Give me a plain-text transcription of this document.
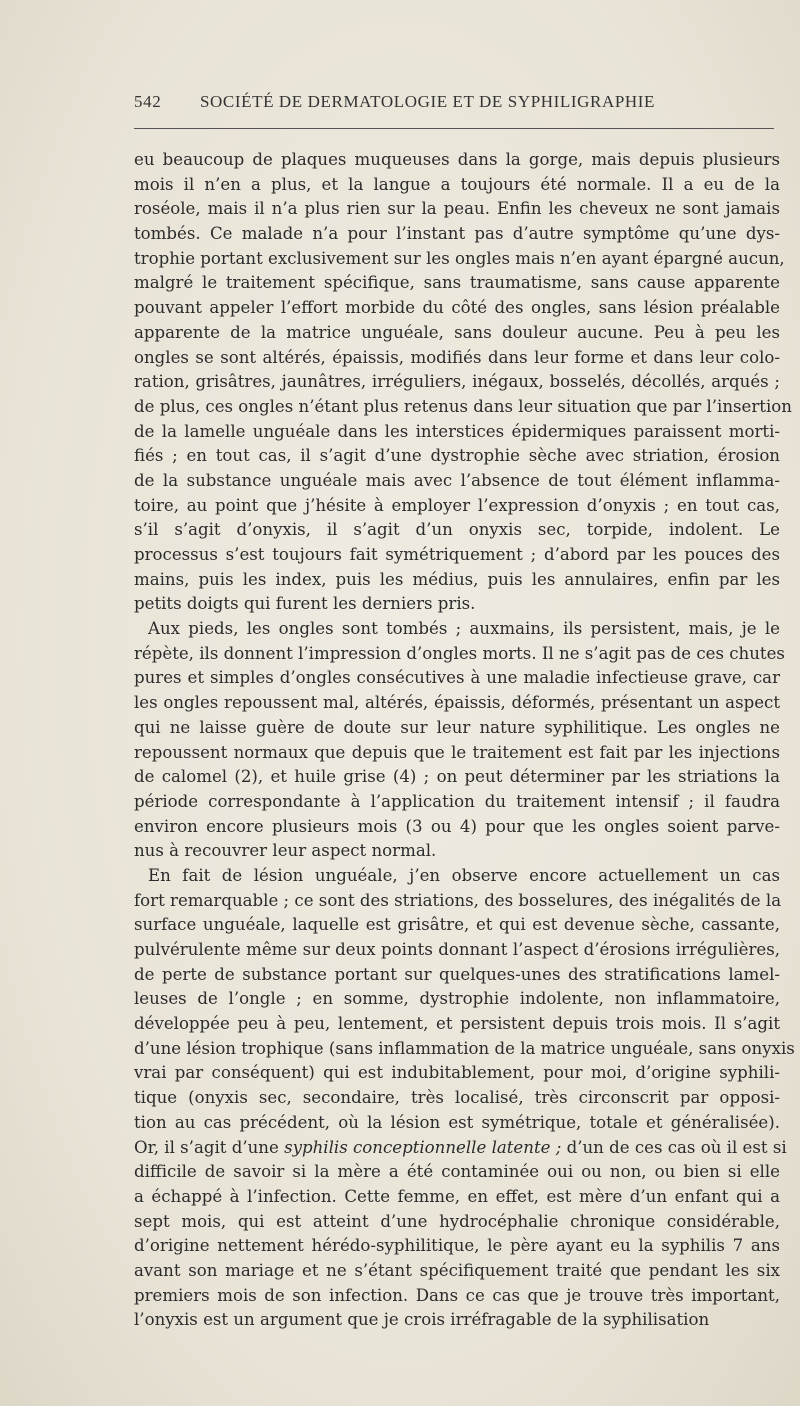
542 SOCIÉTÉ DE DERMATOLOGIE ET DE SYPHILIGRAPHIE

eu beaucoup de plaques muqueuses dans la gorge, mais depuis plusieurs
mois il n’en a plus, et la langue a toujours été normale. Il a eu de la
roséole, mais il n’a plus rien sur la peau. Enfin les cheveux ne sont jamais
tombés. Ce malade n’a pour l’instant pas d’autre symptôme qu’une dys-
trophie portant exclusivement sur les ongles mais n’en ayant épargné aucun,
malgré le traitement spécifique, sans traumatisme, sans cause apparente
pouvant appeler l’effort morbide du côté des ongles, sans lésion préalable
apparente de la matrice unguéale, sans douleur aucune. Peu à peu les
ongles se sont altérés, épaissis, modifiés dans leur forme et dans leur colo-
ration, grisâtres, jaunâtres, irréguliers, inégaux, bosselés, décollés, arqués ;
de plus, ces ongles n’étant plus retenus dans leur situation que par l’insertion
de la lamelle unguéale dans les interstices épidermiques paraissent morti-
fiés ; en tout cas, il s’agit d’une dystrophie sèche avec striation, érosion
de la substance unguéale mais avec l’absence de tout élément inflamma-
toire, au point que j’hésite à employer l’expression d’onyxis ; en tout cas,
s’il s’agit d’onyxis, il s’agit d’un onyxis sec, torpide, indolent. Le
processus s’est toujours fait symétriquement ; d’abord par les pouces des
mains, puis les index, puis les médius, puis les annulaires, enfin par les
petits doigts qui furent les derniers pris.

Aux pieds, les ongles sont tombés ; auxmains, ils persistent, mais, je le
répète, ils donnent l’impression d’ongles morts. Il ne s’agit pas de ces chutes
pures et simples d’ongles consécutives à une maladie infectieuse grave, car
les ongles repoussent mal, altérés, épaissis, déformés, présentant un aspect
qui ne laisse guère de doute sur leur nature syphilitique. Les ongles ne
repoussent normaux que depuis que le traitement est fait par les injections
de calomel (2), et huile grise (4) ; on peut déterminer par les striations la
période correspondante à l’application du traitement intensif ; il faudra
environ encore plusieurs mois (3 ou 4) pour que les ongles soient parve-
nus à recouvrer leur aspect normal.

En fait de lésion unguéale, j’en observe encore actuellement un cas
fort remarquable ; ce sont des striations, des bosselures, des inégalités de la
surface unguéale, laquelle est grisâtre, et qui est devenue sèche, cassante,
pulvérulente même sur deux points donnant l’aspect d’érosions irrégulières,
de perte de substance portant sur quelques-unes des stratifications lamel-
leuses de l’ongle ; en somme, dystrophie indolente, non inflammatoire,
développée peu à peu, lentement, et persistent depuis trois mois. Il s’agit
d’une lésion trophique (sans inflammation de la matrice unguéale, sans onyxis
vrai par conséquent) qui est indubitablement, pour moi, d’origine syphili-
tique (onyxis sec, secondaire, très localisé, très circonscrit par opposi-
tion au cas précédent, où la lésion est symétrique, totale et généralisée).
Or, il s’agit d’une syphilis conceptionnelle latente ; d’un de ces cas où il est si
difficile de savoir si la mère a été contaminée oui ou non, ou bien si elle
a échappé à l’infection. Cette femme, en effet, est mère d’un enfant qui a
sept mois, qui est atteint d’une hydrocéphalie chronique considérable,
d’origine nettement hérédo-syphilitique, le père ayant eu la syphilis 7 ans
avant son mariage et ne s’étant spécifiquement traité que pendant les six
premiers mois de son infection. Dans ce cas que je trouve très important,
l’onyxis est un argument que je crois irréfragable de la syphilisation
